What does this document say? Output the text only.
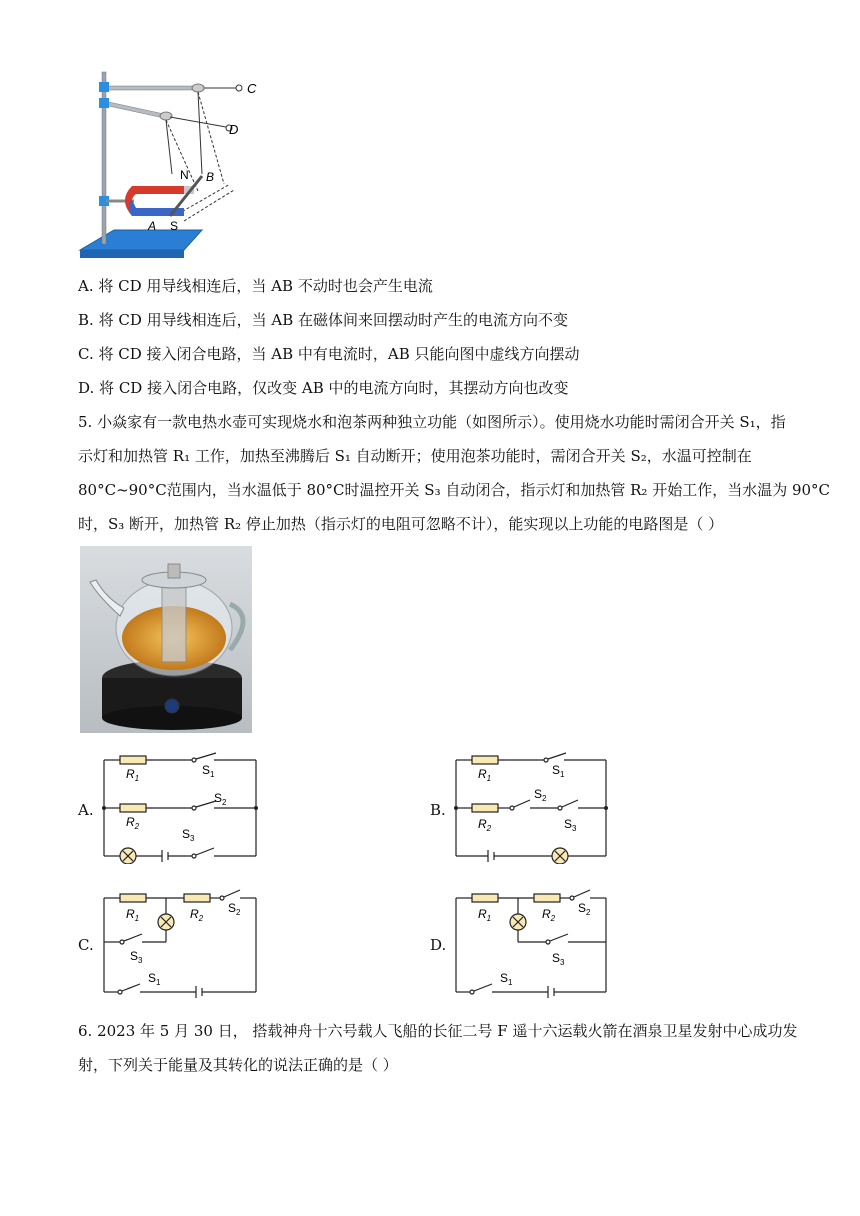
N B
A S
C
D
A. 将 CD 用导线相连后，当 AB 不动时也会产生电流
B. 将 CD 用导线相连后，当 AB 在磁体间来回摆动时产生的电流方向不变
C. 将 CD 接入闭合电路，当 AB 中有电流时，AB 只能向图中虚线方向摆动
D. 将 CD 接入闭合电路，仅改变 AB 中的电流方向时，其摆动方向也改变
5. 小焱家有一款电热水壶可实现烧水和泡茶两种独立功能（如图所示）。使用烧水功能时需闭合开关 S₁，指
示灯和加热管 R₁ 工作，加热至沸腾后 S₁ 自动断开；使用泡茶功能时，需闭合开关 S₂，水温可控制在
80°C~90°C范围内，当水温低于 80°C时温控开关 S₃ 自动闭合，指示灯和加热管 R₂ 开始工作，当水温为 90°C
时，S₃ 断开，加热管 R₂ 停止加热（指示灯的电阻可忽略不计），能实现以上功能的电路图是（ ）
A.
$R_1$
$S_1$
$R_2$
$S_2$
$S_3$
B.
$R_1$
$S_1$
$R_2$
$S_2$
$S_3$
C.
$R_1$	$R_2$
$S_2$
$S_3$
$S_1$
D.
$R_1$	$R_2$
$S_2$
$S_3$
$S_1$
6. 2023 年 5 月 30 日， 搭载神舟十六号载人飞船的长征二号 F 遥十六运载火箭在酒泉卫星发射中心成功发
射，下列关于能量及其转化的说法正确的是（ ）
